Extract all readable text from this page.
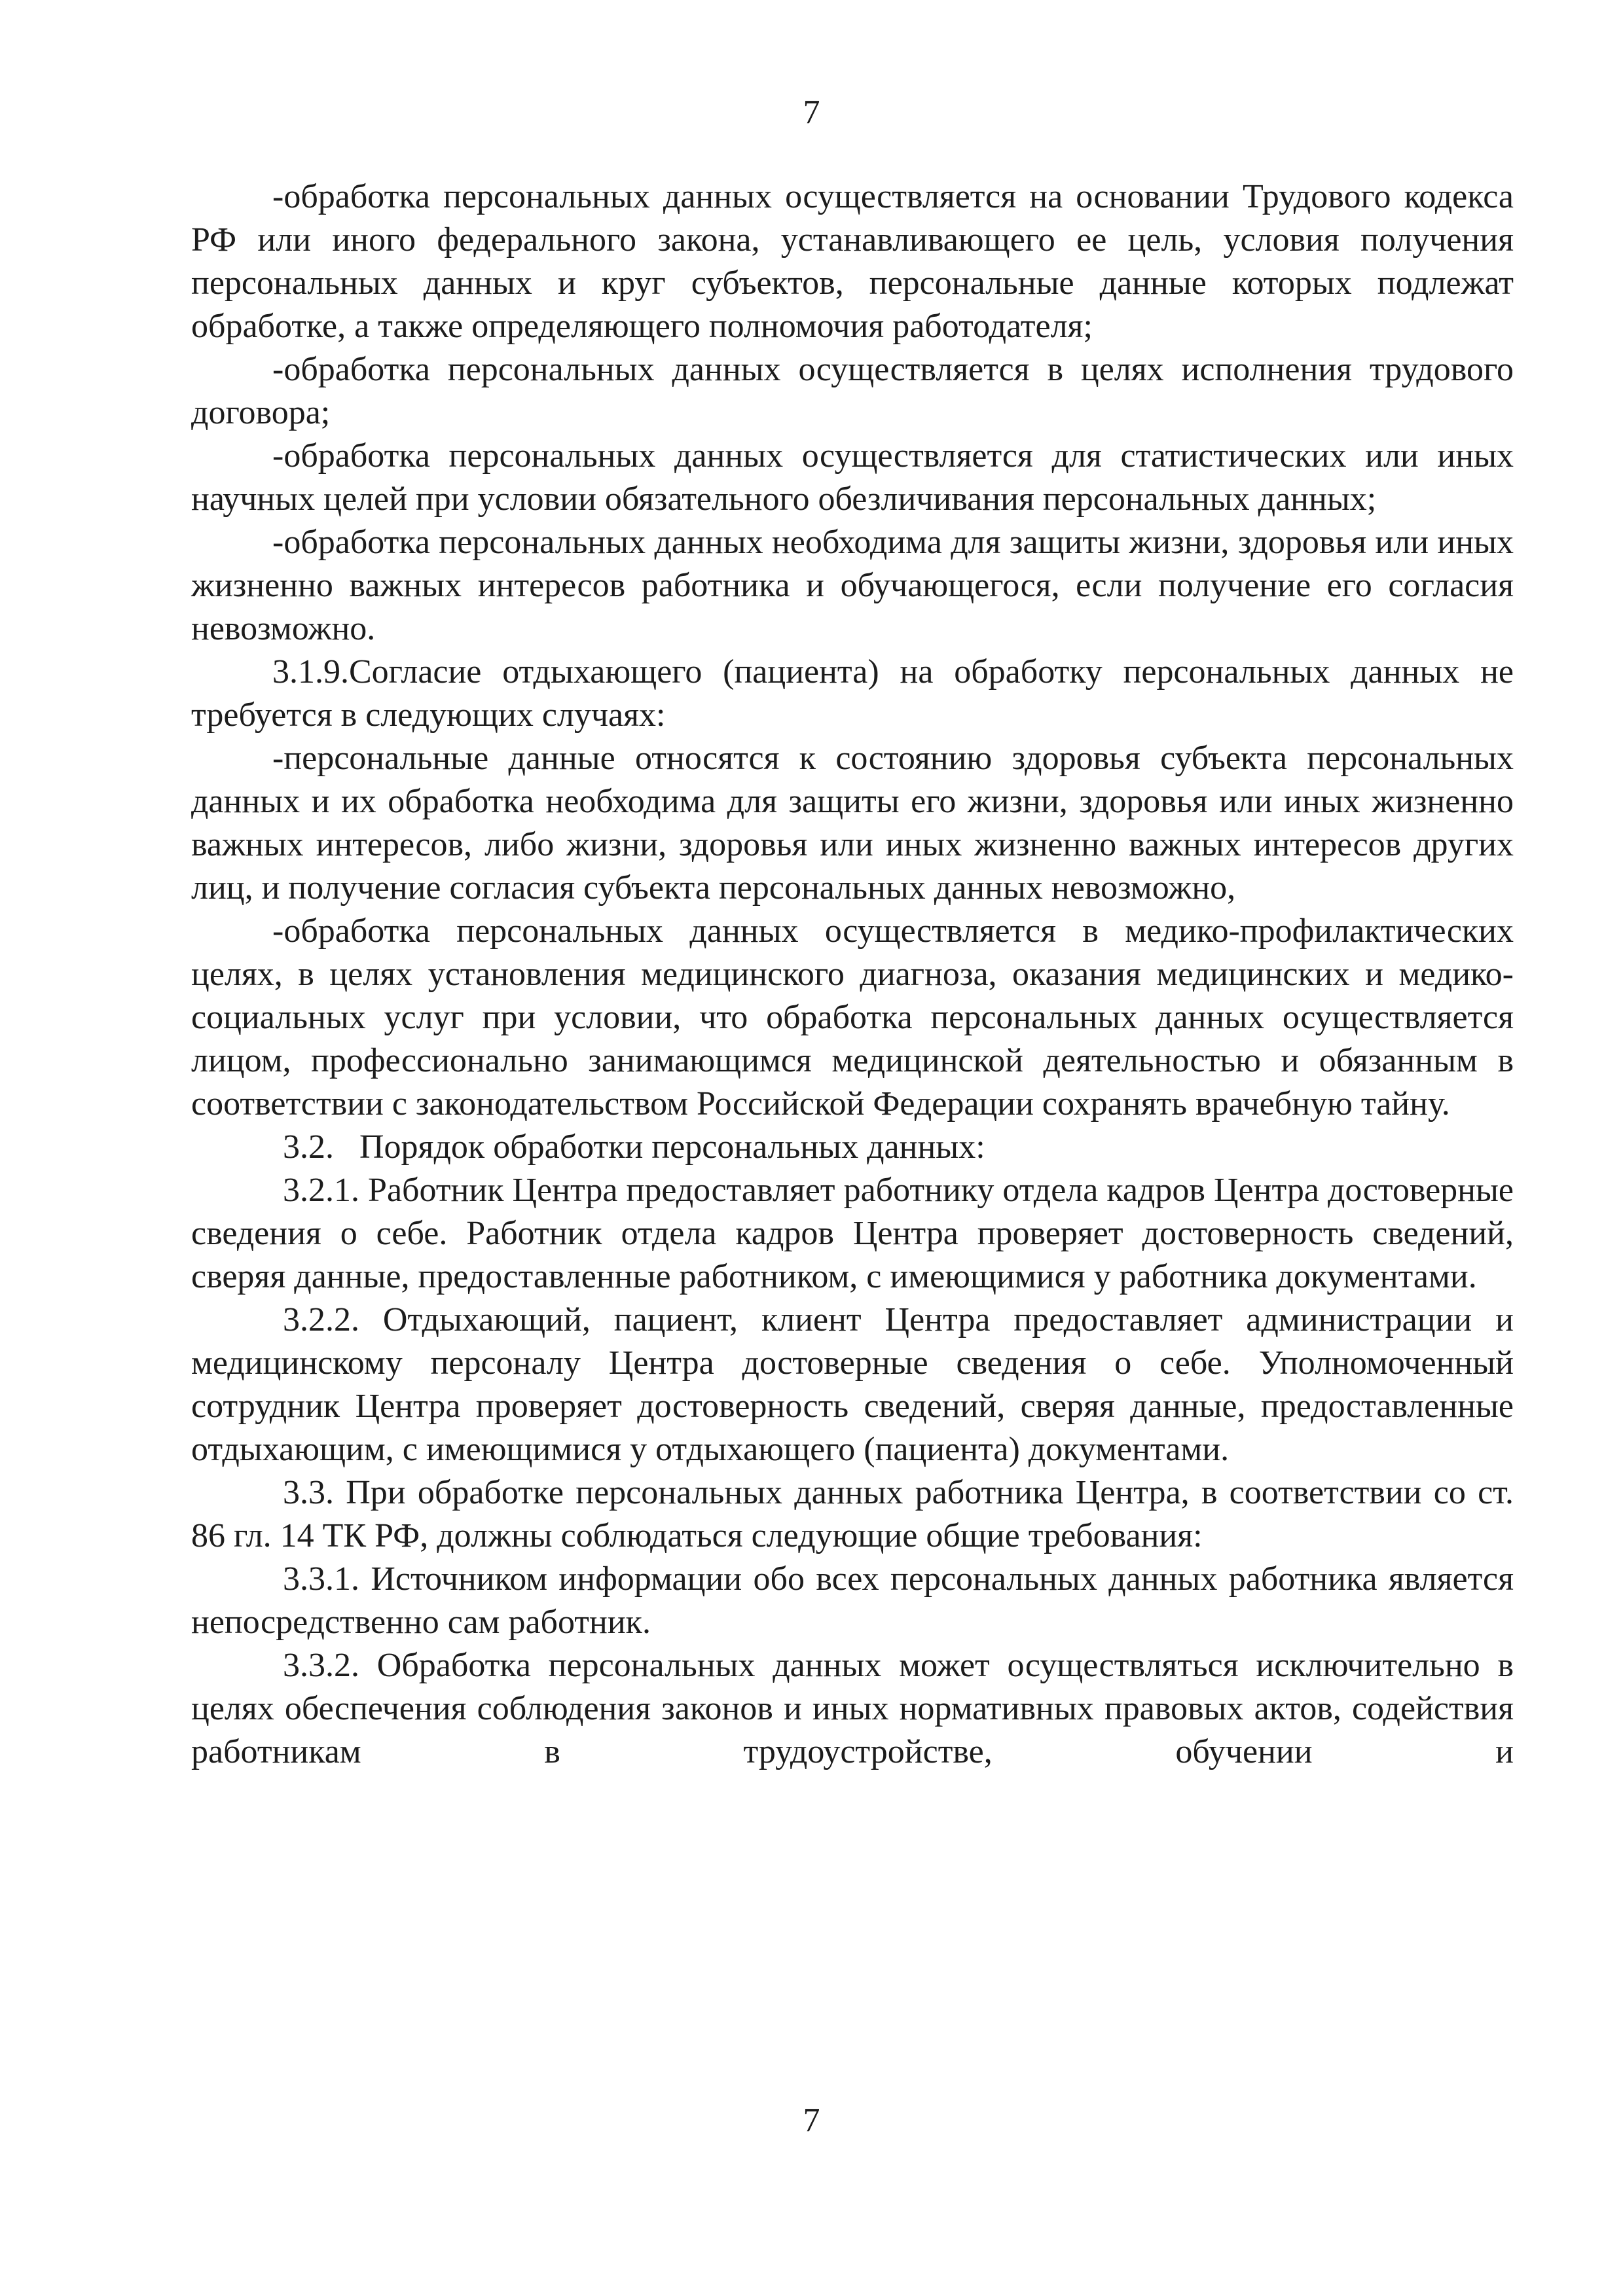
7

-обработка персональных данных осуществляется на основании Трудового кодекса РФ или иного федерального закона, устанавливающего ее цель, условия получения персональных данных и круг субъектов, персональные данные которых подлежат обработке, а также определяющего полномочия работодателя;

-обработка персональных данных осуществляется в целях исполнения трудового договора;

-обработка персональных данных осуществляется для статистических или иных научных целей при условии обязательного обезличивания персональных данных;

-обработка персональных данных необходима для защиты жизни, здоровья или иных жизненно важных интересов работника и обучающегося, если получение его согласия невозможно.

3.1.9.Согласие отдыхающего (пациента) на обработку персональных данных не требуется в следующих случаях:

-персональные данные относятся к состоянию здоровья субъекта персональных данных и их обработка необходима для защиты его жизни, здоровья или иных жизненно важных интересов, либо жизни, здоровья или иных жизненно важных интересов других лиц, и получение согласия субъекта персональных данных невозможно,

-обработка персональных данных осуществляется в медико-профилактических целях, в целях установления медицинского диагноза, оказания медицинских и медико-социальных услуг при условии, что обработка персональных данных осуществляется лицом, профессионально занимающимся медицинской деятельностью и обязанным в соответствии с законодательством Российской Федерации сохранять врачебную тайну.

3.2.   Порядок обработки персональных данных:

3.2.1. Работник Центра предоставляет работнику отдела кадров Центра достоверные сведения о себе. Работник отдела кадров Центра проверяет достоверность сведений, сверяя данные, предоставленные работником, с имеющимися у работника документами.

3.2.2. Отдыхающий, пациент, клиент Центра предоставляет администрации и медицинскому персоналу Центра достоверные сведения о себе. Уполномоченный сотрудник Центра проверяет достоверность сведений, сверяя данные, предоставленные отдыхающим, с имеющимися у отдыхающего (пациента) документами.

3.3. При обработке персональных данных работника Центра, в соответствии со ст. 86 гл. 14 ТК РФ, должны соблюдаться следующие общие требования:

3.3.1. Источником информации обо всех персональных данных работника является непосредственно сам работник.

3.3.2. Обработка персональных данных может осуществляться исключительно в целях обеспечения соблюдения законов и иных нормативных правовых актов, содействия работникам в трудоустройстве, обучении и

7
